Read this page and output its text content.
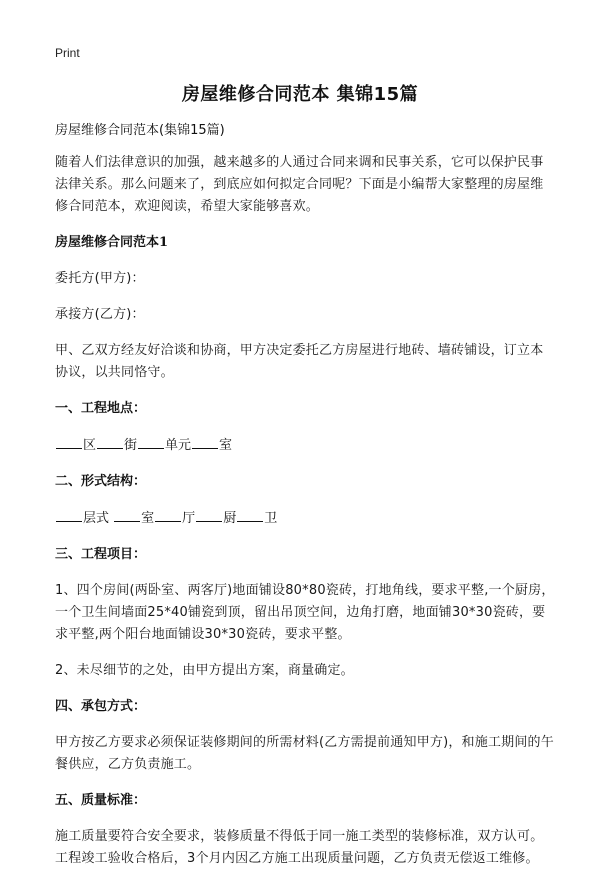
Print
房屋维修合同范本 集锦15篇
房屋维修合同范本(集锦15篇)
随着人们法律意识的加强，越来越多的人通过合同来调和民事关系，它可以保护民事法律关系。那么问题来了，到底应如何拟定合同呢？下面是小编帮大家整理的房屋维修合同范本，欢迎阅读，希望大家能够喜欢。
房屋维修合同范本1
委托方(甲方)：
承接方(乙方)：
甲、乙双方经友好洽谈和协商，甲方决定委托乙方房屋进行地砖、墙砖铺设，订立本协议，以共同恪守。
一、工程地点：
区 街 单元 室
二、形式结构：
层式 室 厅 厨 卫
三、工程项目：
1、四个房间(两卧室、两客厅)地面铺设80*80瓷砖，打地角线，要求平整,一个厨房，一个卫生间墙面25*40铺瓷到顶，留出吊顶空间，边角打磨，地面铺30*30瓷砖，要求平整,两个阳台地面铺设30*30瓷砖，要求平整。
2、未尽细节的之处，由甲方提出方案，商量确定。
四、承包方式：
甲方按乙方要求必须保证装修期间的所需材料(乙方需提前通知甲方)，和施工期间的午餐供应，乙方负责施工。
五、质量标准：
施工质量要符合安全要求，装修质量不得低于同一施工类型的装修标准，双方认可。工程竣工验收合格后，3个月内因乙方施工出现质量问题，乙方负责无偿返工维修。
